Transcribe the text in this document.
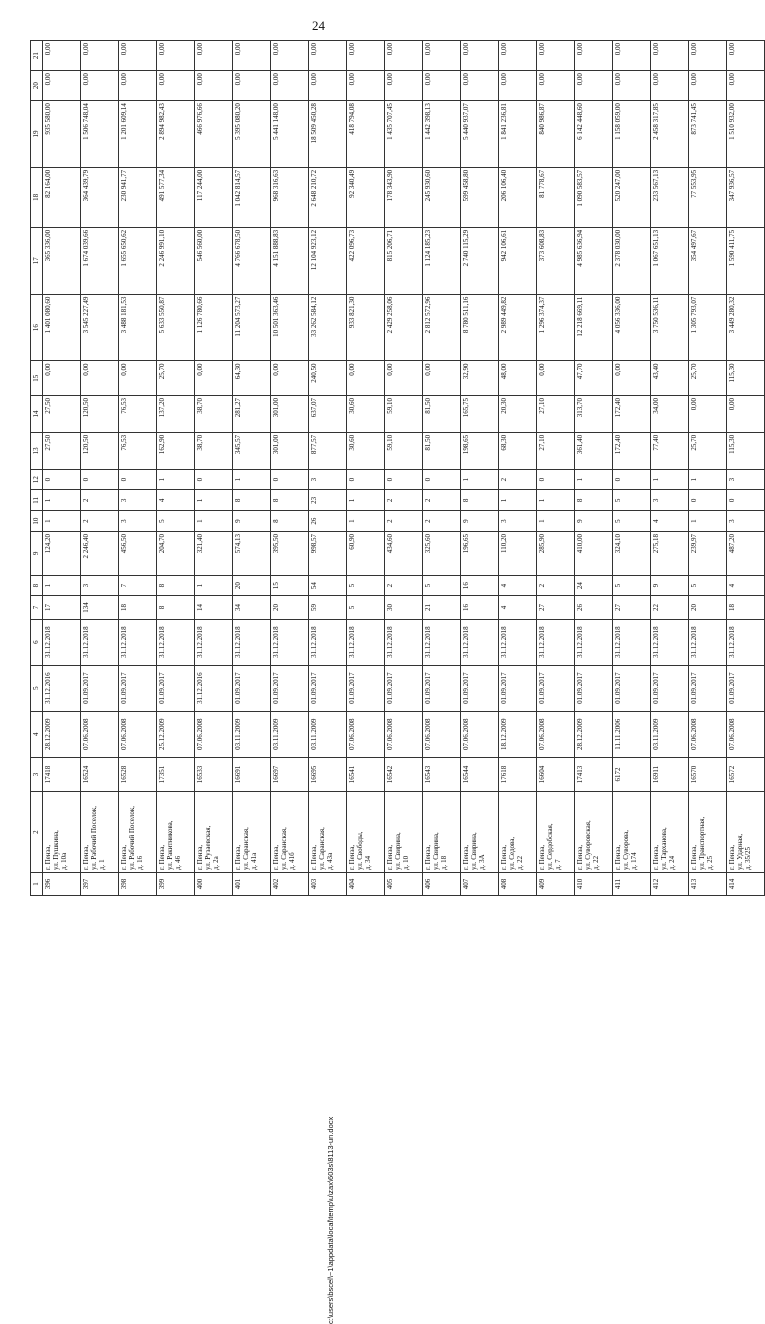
24
1	2	3	4	5	6	7	8	9	10	11	12	13	14	15	16	17	18	19	20	21
396	г. Пенза,
ул. Пушкина,
д. 10а	17418	28.12.2009	31.12.2016	31.12.2018	17	1	124,20	1	1	0	27,50	27,50	0,00	1 401 080,60	365 336,00	82 164,00	935 580,00	0,00	0,00
397	г. Пенза,
ул. Рабочий Поселок,
д. 1	16524	07.06.2008	01.09.2017	31.12.2018	134	3	2 246,40	2	2	0	120,50	120,50	0,00	3 545 227,49	1 674 039,66	364 439,79	1 506 748,04	0,00	0,00
398	г. Пенза,
ул. Рабочий Поселок,
д. 16	16528	07.06.2008	01.09.2017	31.12.2018	18	7	456,50	3	3	0	76,53	76,53	0,00	3 488 181,53	1 655 650,62	230 941,77	1 201 609,14	0,00	0,00
399	г. Пенза,
ул. Ракитникова,
д. 46	17351	25.12.2009	01.09.2017	31.12.2018	8	8	204,70	5	4	1	162,90	137,20	25,70	5 633 550,87	2 246 991,10	491 577,34	2 894 982,43	0,00	0,00
400	г. Пенза,
ул. Рузаевская,
д. 2а	16533	07.06.2008	31.12.2016	31.12.2018	14	1	321,40	1	1	0	38,70	38,70	0,00	1 126 780,66	546 560,00	117 244,00	466 976,66	0,00	0,00
401	г. Пенза,
ул. Саранская,
д. 41а	16691	03.11.2009	01.09.2017	31.12.2018	34	20	574,13	9	8	1	345,57	281,27	64,30	11 204 573,27	4 766 678,50	1 042 814,57	5 395 080,20	0,00	0,00
402	г. Пенза,
ул. Саранская,
д. 41б	16697	03.11.2009	01.09.2017	31.12.2018	20	15	395,50	8	8	0	301,00	301,00	0,00	10 501 363,46	4 151 888,83	968 316,63	5 441 148,00	0,00	0,00
403	г. Пенза,
ул. Саранская,
д. 43а	16695	03.11.2009	01.09.2017	31.12.2018	59	54	998,57	26	23	3	877,57	637,07	240,50	33 262 584,12	12 104 923,12	2 648 210,72	18 509 450,28	0,00	0,00
404	г. Пенза,
ул. Свободы,
д. 34	16541	07.06.2008	01.09.2017	31.12.2018	5	5	60,90	1	1	0	30,60	30,60	0,00	933 821,30	422 096,73	92 340,49	418 794,08	0,00	0,00
405	г. Пенза,
ул. Свирина,
д. 10	16542	07.06.2008	01.09.2017	31.12.2018	30	2	434,60	2	2	0	59,10	59,10	0,00	2 429 258,06	815 206,71	178 343,90	1 435 707,45	0,00	0,00
406	г. Пенза,
ул. Свирина,
д. 18	16543	07.06.2008	01.09.2017	31.12.2018	21	5	325,60	2	2	0	81,50	81,50	0,00	2 812 572,96	1 124 185,23	245 930,60	1 442 398,13	0,00	0,00
407	г. Пенза,
ул. Свирина,
д. 3А	16544	07.06.2008	01.09.2017	31.12.2018	16	16	196,65	9	8	1	198,65	165,75	32,90	8 780 511,16	2 740 115,29	599 458,80	5 440 937,07	0,00	0,00
408	г. Пенза,
ул. Седова,
д. 22	17618	18.12.2009	01.09.2017	31.12.2018	4	4	110,20	3	1	2	68,30	20,30	48,00	2 989 449,82	942 106,61	206 106,40	1 841 236,81	0,00	0,00
409	г. Пенза,
ул. Сердобская,
д. 7	16604	07.06.2008	01.09.2017	31.12.2018	27	2	285,90	1	1	0	27,10	27,10	0,00	1 296 374,37	373 608,83	81 778,67	840 986,87	0,00	0,00
410	г. Пенза,
ул. Суворовская,
д. 22	17413	28.12.2009	01.09.2017	31.12.2018	26	24	410,00	9	8	1	361,40	313,70	47,70	12 218 669,11	4 985 636,94	1 090 583,57	6 142 448,60	0,00	0,00
411	г. Пенза,
ул. Суворова,
д. 174	6172	11.11.2006	01.09.2017	31.12.2018	27	5	324,10	5	5	0	172,40	172,40	0,00	4 056 336,00	2 378 030,00	520 247,00	1 158 059,00	0,00	0,00
412	г. Пенза,
ул. Тарханова,
д. 24	16911	03.11.2009	01.09.2017	31.12.2018	22	9	275,18	4	3	1	77,40	34,00	43,40	3 750 536,11	1 067 651,13	233 567,13	2 458 317,85	0,00	0,00
413	г. Пенза,
ул. Транспортная,
д. 25	16570	07.06.2008	01.09.2017	31.12.2018	20	5	239,97	1	0	1	25,70	0,00	25,70	1 305 793,07	354 497,67	77 553,95	873 741,45	0,00	0,00
414	г. Пенза,
ул. Ударная,
д. 35/25	16572	07.06.2008	01.09.2017	31.12.2018	18	4	487,20	3	0	3	115,30	0,00	115,30	3 449 280,32	1 590 411,75	347 936,57	1 510 932,00	0,00	0,00
c:\users\bscel\~1\appdata\local\temp\u\zax\603s\8113-un.docx
